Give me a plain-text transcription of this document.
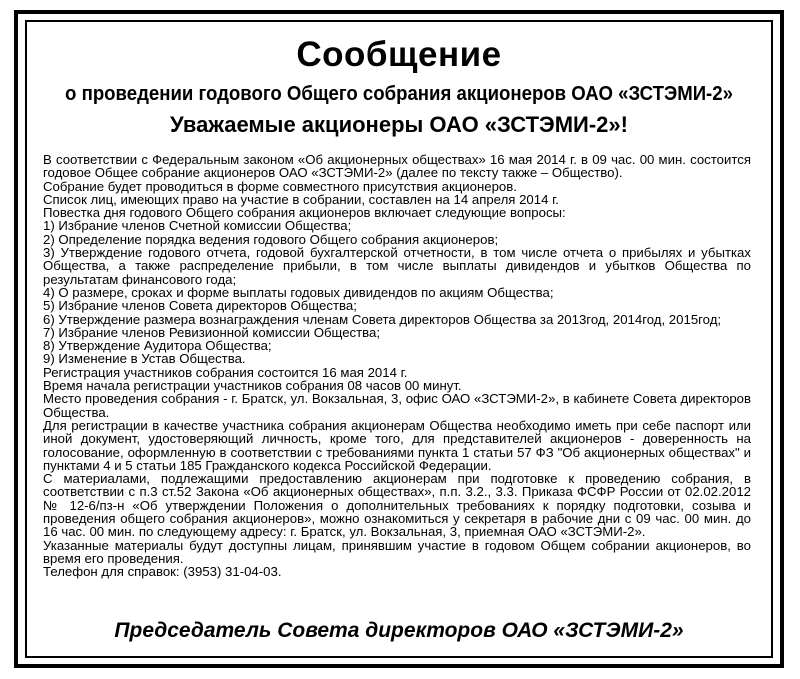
Сообщение
о проведении годового Общего собрания акционеров ОАО «ЗСТЭМИ-2»
Уважаемые акционеры ОАО «ЗСТЭМИ-2»!

В соответствии с Федеральным законом «Об акционерных обществах» 16 мая 2014 г. в 09 час. 00 мин. состоится годовое Общее собрание акционеров ОАО «ЗСТЭМИ-2» (далее по тексту также – Общество).

Собрание будет проводиться в форме совместного присутствия акционеров.

Список лиц, имеющих право на участие в собрании, составлен на 14 апреля 2014 г.

Повестка дня годового Общего собрания акционеров включает следующие вопросы:

1) Избрание членов Счетной комиссии Общества;

2) Определение порядка ведения годового Общего собрания акционеров;

3) Утверждение годового отчета, годовой бухгалтерской отчетности, в том числе отчета о прибылях и убытках Общества, а также распределение прибыли, в том числе выплаты дивидендов и убытков Общества по результатам финансового года;

4) О размере, сроках и форме выплаты годовых дивидендов по акциям Общества;

5) Избрание членов Совета директоров Общества;

6) Утверждение размера вознаграждения членам Совета директоров Общества за 2013год, 2014год, 2015год;

7) Избрание членов Ревизионной комиссии Общества;

8) Утверждение Аудитора Общества;

9) Изменение в Устав Общества.

Регистрация участников собрания состоится 16 мая 2014 г.

Время начала регистрации участников собрания 08 часов 00 минут.

Место проведения собрания - г. Братск, ул. Вокзальная, 3, офис ОАО «ЗСТЭМИ-2», в кабинете Совета директоров Общества.

Для регистрации в качестве участника собрания акционерам Общества необходимо иметь при себе паспорт или иной документ, удостоверяющий личность, кроме того, для представителей акционеров - доверенность на голосование, оформленную в соответствии с требованиями пункта 1 статьи 57 ФЗ "Об акционерных обществах" и пунктами 4 и 5 статьи 185 Гражданского кодекса Российской Федерации.

С материалами, подлежащими предоставлению акционерам при подготовке к проведению собрания, в соответствии с п.3 ст.52 Закона «Об акционерных обществах», п.п. 3.2., 3.3. Приказа ФСФР России от 02.02.2012 № 12-6/пз-н «Об утверждении Положения о дополнительных требованиях к порядку подготовки, созыва и проведения общего собрания акционеров», можно ознакомиться у секретаря в рабочие дни с 09 час. 00 мин. до 16 час. 00 мин. по следующему адресу: г. Братск, ул. Вокзальная, 3, приемная ОАО «ЗСТЭМИ-2».

Указанные материалы будут доступны лицам, принявшим участие в годовом Общем собрании акционеров, во время его проведения.

Телефон для справок: (3953) 31-04-03.

Председатель Совета директоров ОАО «ЗСТЭМИ-2»
